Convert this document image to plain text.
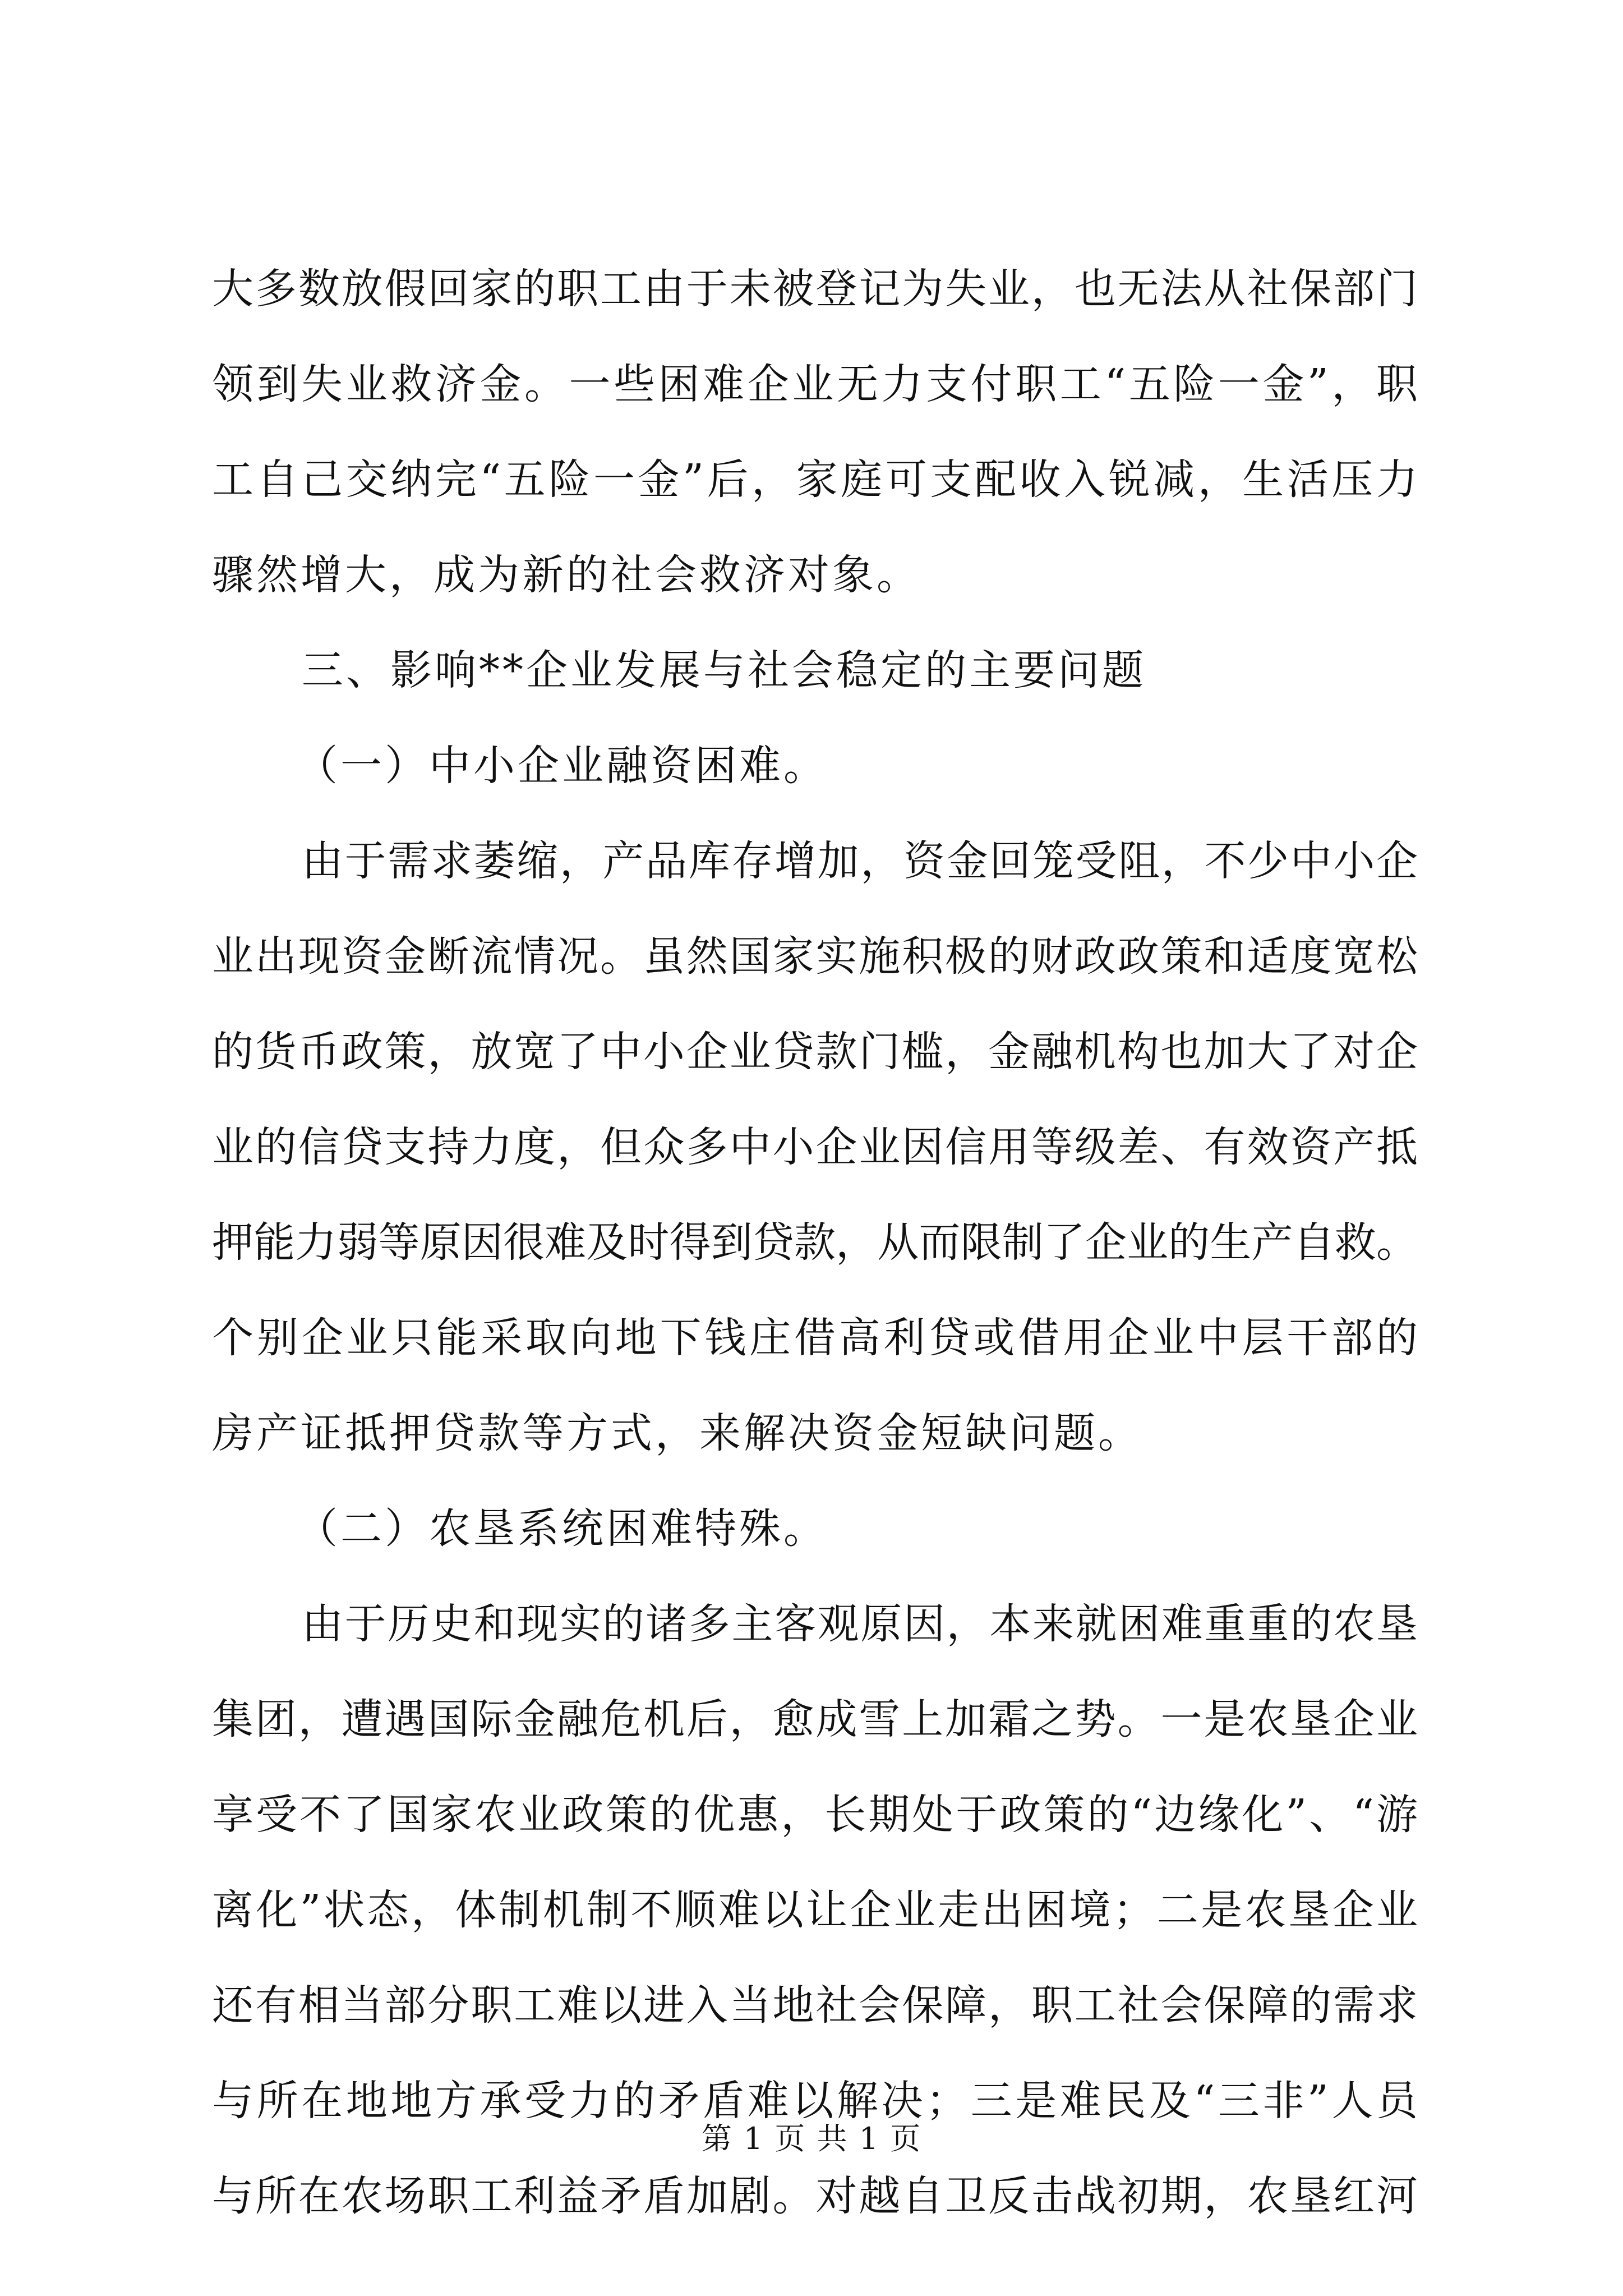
大多数放假回家的职工由于未被登记为失业，也无法从社保部门
领到失业救济金。一些困难企业无力支付职工“五险一金”，职
工自己交纳完“五险一金”后，家庭可支配收入锐减，生活压力
骤然增大，成为新的社会救济对象。
三、影响**企业发展与社会稳定的主要问题
（一）中小企业融资困难。
由于需求萎缩，产品库存增加，资金回笼受阻，不少中小企
业出现资金断流情况。虽然国家实施积极的财政政策和适度宽松
的货币政策，放宽了中小企业贷款门槛，金融机构也加大了对企
业的信贷支持力度，但众多中小企业因信用等级差、有效资产抵
押能力弱等原因很难及时得到贷款，从而限制了企业的生产自救。
个别企业只能采取向地下钱庄借高利贷或借用企业中层干部的
房产证抵押贷款等方式，来解决资金短缺问题。
（二）农垦系统困难特殊。
由于历史和现实的诸多主客观原因，本来就困难重重的农垦
集团，遭遇国际金融危机后，愈成雪上加霜之势。一是农垦企业
享受不了国家农业政策的优惠，长期处于政策的“边缘化”、“游
离化”状态，体制机制不顺难以让企业走出困境；二是农垦企业
还有相当部分职工难以进入当地社会保障，职工社会保障的需求
与所在地地方承受力的矛盾难以解决；三是难民及“三非”人员
与所在农场职工利益矛盾加剧。对越自卫反击战初期，农垦红河
第 1 页 共 1 页
